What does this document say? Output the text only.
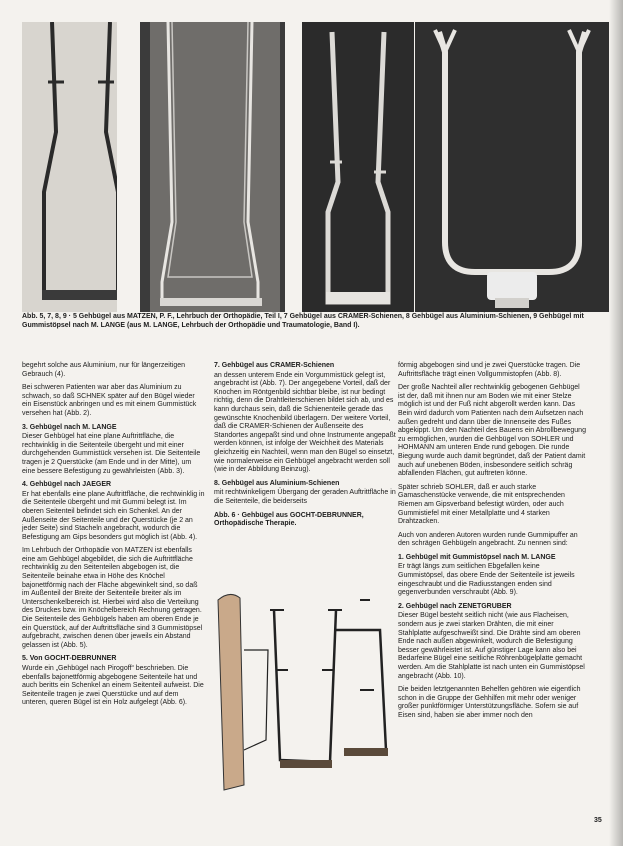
Abb. 5, 7, 8, 9 · 5 Gehbügel aus MATZEN, P. F., Lehrbuch der Orthopädie, Teil I, 7 Gehbügel aus CRAMER-Schienen, 8 Gehbügel aus Aluminium-Schienen, 9 Gehbügel mit Gummistöpsel nach M. LANGE (aus M. LANGE, Lehrbuch der Orthopädie und Traumatologie, Band I).

begehrt solche aus Aluminium, nur für längerzeitigen Gebrauch (4).

Bei schweren Patienten war aber das Aluminium zu schwach, so daß SCHNEK später auf den Bügel wieder ein Eisenstück anbringen und es mit einem Gummistück versehen hat (Abb. 2).

3. Gehbügel nach M. LANGE

Dieser Gehbügel hat eine plane Auftrittfläche, die rechtwinklig in die Seitenteile übergeht und mit einer durchgehenden Gummistück versehen ist. Die Seitenteile tragen je 2 Querstücke (am Ende und in der Mitte), um eine bessere Befestigung zu gewährleisten (Abb. 3).

4. Gehbügel nach JAEGER

Er hat ebenfalls eine plane Auftrittfläche, die rechtwinklig in die Seitenteile übergeht und mit Gummi belegt ist. Im oberen Seitenteil befindet sich ein Schenkel. An der Außenseite der Seitenteile und der Querstücke (je 2 an jeder Seite) sind Stacheln angebracht, wodurch die Befestigung am Gips besonders gut möglich ist (Abb. 4).

Im Lehrbuch der Orthopädie von MATZEN ist ebenfalls eine am Gehbügel abgebildet, die sich die Auftrittfläche rechtwinklig zu den Seitenteilen abgebogen ist, die Seitenteile beinahe etwa in Höhe des Knöchel bajonettförmig nach der Fläche abgewinkelt sind, so daß im Außenteil der Breite der Seitenteile breiter als im Unterschenkelbereich ist. Hierbei wird also die Verteilung des Druckes bzw. im Knöchelbereich Rechnung getragen. Die Seitenteile des Gehbügels haben am oberen Ende je ein Querstück, auf der Auftrittsfläche sind 3 Gummistöpsel aufgebracht, zwischen denen über jeweils ein Abstand gelassen ist (Abb. 5).

5. Von GOCHT-DEBRUNNER

Wurde ein „Gehbügel nach Pirogoff“ beschrieben. Die ebenfalls bajonettförmig abgebogene Seitenteile hat und auch beritts ein Schenkel an einem Seitenteil aufweist. Die Seitenteile tragen je zwei Querstücke und auf dem unteren, queren Bügel ist ein Holz aufgelegt (Abb. 6).

7. Gehbügel aus CRAMER-Schienen

an dessen unterem Ende ein Vorgummistück gelegt ist, angebracht ist (Abb. 7). Der angegebene Vorteil, daß der Knochen im Röntgenbild sichtbar bleibe, ist nur bedingt richtig, denn die Drahtleiterschienen bildet sich ab, und es kann durchaus sein, daß die Schienenteile gerade das gewünschte Knochenbild überlagern. Der weitere Vorteil, daß die CRAMER-Schienen der Außenseite des Standortes angepaßt sind und ohne Instrumente angepaßt werden können, ist infolge der Weichheit des Materials gleichzeitig ein Nachteil, wenn man den Bügel so einsetzt, wie normalerweise ein Gehbügel angebracht werden soll (wie in der Abbildung Beinzug).

8. Gehbügel aus Aluminium-Schienen

mit rechtwinkeligem Übergang der geraden Auftrittfläche in die Seitenteile, die beiderseits

Abb. 6 · Gehbügel aus GOCHT-DEBRUNNER, Orthopädische Therapie.

förmig abgebogen sind und je zwei Querstücke tragen. Die Auftrittsfläche trägt einen Vollgummistopfen (Abb. 8).

Der große Nachteil aller rechtwinklig gebogenen Gehbügel ist der, daß mit ihnen nur am Boden wie mit einer Stelze möglich ist und der Fuß nicht abgerollt werden kann. Das Bein wird dadurch vom Patienten nach dem Aufsetzen nach außen gedreht und dann über die Innenseite des Fußes abgekippt. Um den Nachteil des Bauens ein Abrollbewegung zu ermöglichen, wurden die Gehbügel von SOHLER und HOHMANN am unteren Ende rund gebogen. Die runde Biegung wurde auch damit begründet, daß der Patient damit auch auf unebenen Böden, insbesondere seitlich schräg abfallenden Flächen, gut auftreten könne.

Später schrieb SOHLER, daß er auch starke Gamaschenstücke verwende, die mit entsprechenden Riemen am Gipsverband befestigt würden, oder auch Gummistiefel mit einer Metallplatte und 4 starken Drahtzacken.

Auch von anderen Autoren wurden runde Gummipuffer an den schrägen Gehbügeln angebracht. Zu nennen sind:

1. Gehbügel mit Gummistöpsel nach M. LANGE

Er trägt längs zum seitlichen Ebgefallen keine Gummistöpsel, das obere Ende der Seitenteile ist jeweils eingeschraubt und die Radiusstangen enden sind gegenverbunden verschraubt (Abb. 9).

2. Gehbügel nach ZENETGRUBER

Dieser Bügel besteht seitlich nicht (wie aus Flacheisen, sondern aus je zwei starken Drähten, die mit einer Stahlplatte aufgeschweißt sind. Die Drähte sind am oberen Ende nach außen abgewinkelt, wodurch die Befestigung besser gewährleistet ist. Auf günstiger Lage kann also bei Bedarfeine Bügel eine seitliche Röhrenbügelplatte gemacht werden. Am die Stahlplatte ist nach unten ein Gummistöpsel angebracht (Abb. 10).

Die beiden letztgenannten Behelfen gehören wie eigentlich schon in die Gruppe der Gehhilfen mit mehr oder weniger großer punktförmiger Unterstützungsfläche. Sofern sie auf Eisen sind, haben sie aber immer noch den

35
